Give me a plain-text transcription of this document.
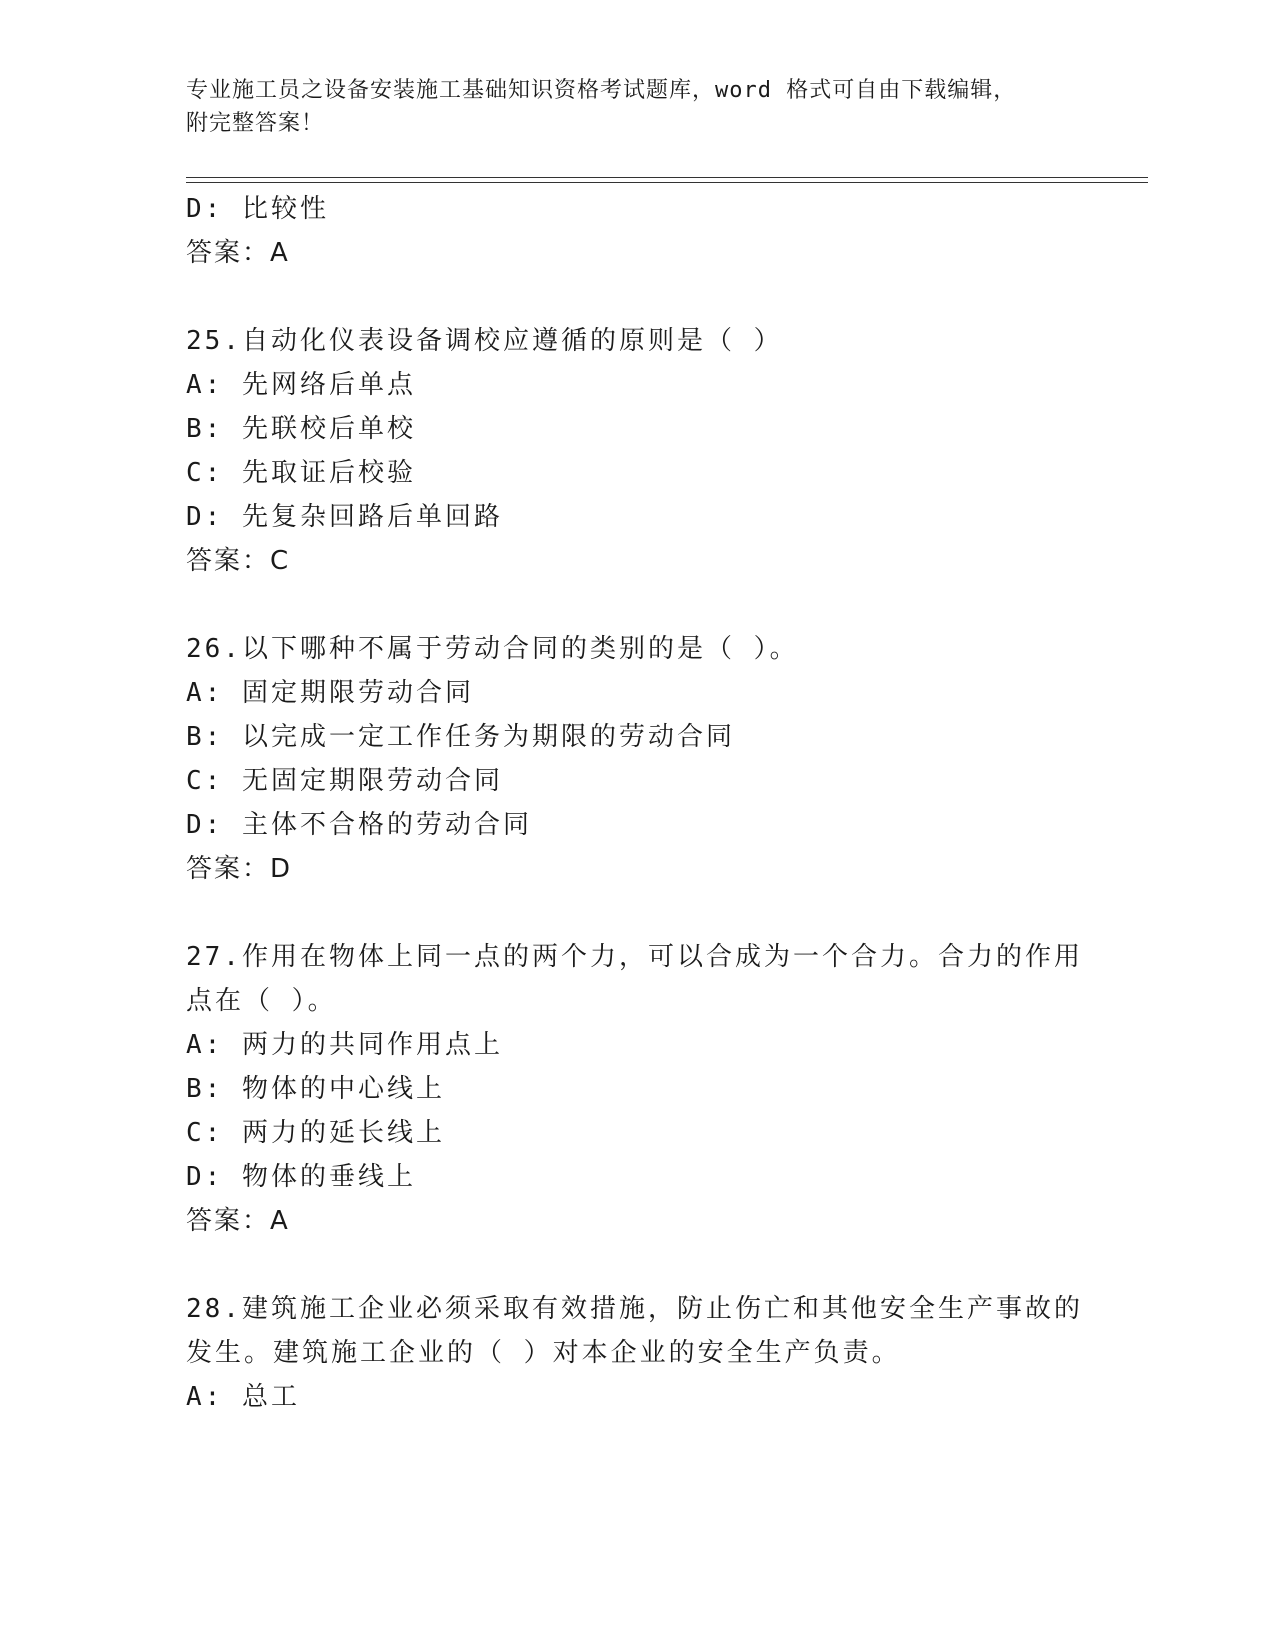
专业施工员之设备安装施工基础知识资格考试题库，word 格式可自由下载编辑，
附完整答案！
D: 比较性
答案：A
25.自动化仪表设备调校应遵循的原则是（ ）
A: 先网络后单点
B: 先联校后单校
C: 先取证后校验
D: 先复杂回路后单回路
答案：C
26.以下哪种不属于劳动合同的类别的是（ ）。
A: 固定期限劳动合同
B: 以完成一定工作任务为期限的劳动合同
C: 无固定期限劳动合同
D: 主体不合格的劳动合同
答案：D
27.作用在物体上同一点的两个力，可以合成为一个合力。合力的作用
点在（ ）。
A: 两力的共同作用点上
B: 物体的中心线上
C: 两力的延长线上
D: 物体的垂线上
答案：A
28.建筑施工企业必须采取有效措施，防止伤亡和其他安全生产事故的
发生。建筑施工企业的（ ）对本企业的安全生产负责。
A: 总工
